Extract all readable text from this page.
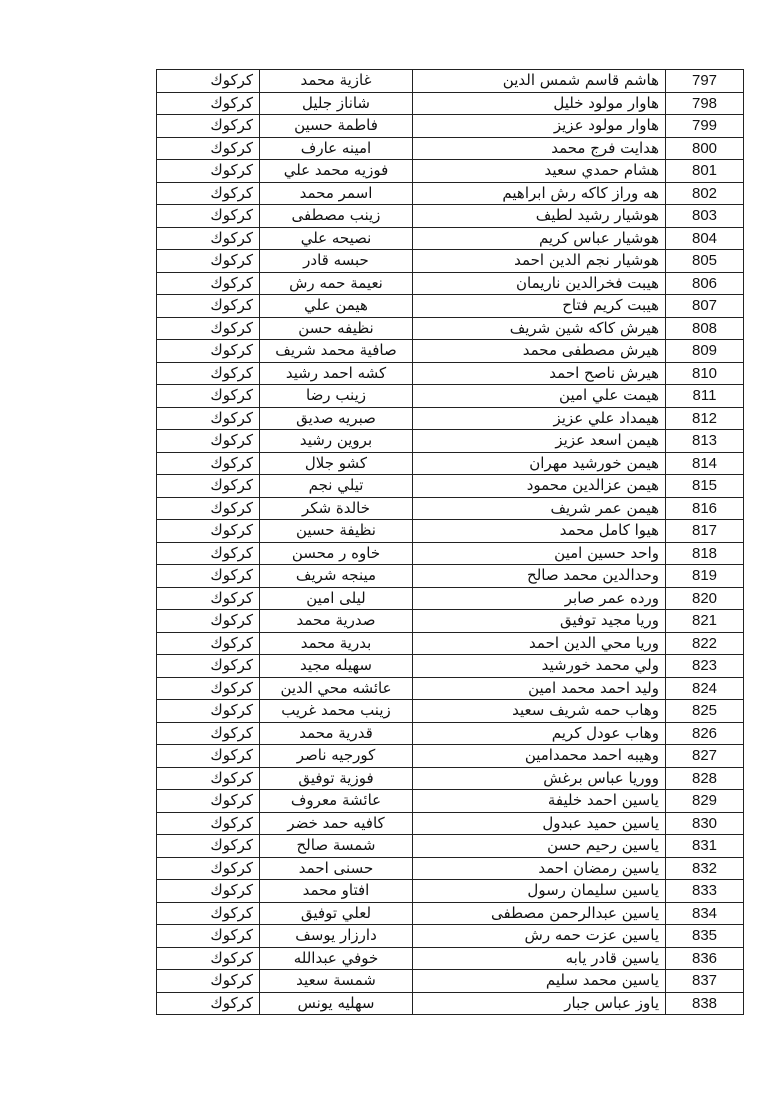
كركوك	غازية محمد	هاشم قاسم شمس الدين	797
كركوك	شاناز جليل	هاوار مولود خليل	798
كركوك	فاطمة حسين	هاوار مولود عزيز	799
كركوك	امينه عارف	هدايت فرج محمد	800
كركوك	فوزيه محمد علي	هشام حمدي سعيد	801
كركوك	اسمر محمد	هه وراز كاكه رش ابراهيم	802
كركوك	زينب مصطفى	هوشيار رشيد لطيف	803
كركوك	نصيحه علي	هوشيار عباس كريم	804
كركوك	حبسه قادر	هوشيار نجم الدين احمد	805
كركوك	نعيمة حمه رش	هيبت فخرالدين ناريمان	806
كركوك	هيمن علي	هيبت كريم فتاح	807
كركوك	نظيفه حسن	هيرش كاكه شين شريف	808
كركوك	صافية محمد شريف	هيرش مصطفى محمد	809
كركوك	كشه احمد رشيد	هيرش ناصح احمد	810
كركوك	زينب رضا	هيمت علي امين	811
كركوك	صبريه صديق	هيمداد علي عزيز	812
كركوك	بروين رشيد	هيمن اسعد عزيز	813
كركوك	كشو جلال	هيمن خورشيد مهران	814
كركوك	تيلي نجم	هيمن عزالدين محمود	815
كركوك	خالدة شكر	هيمن عمر شريف	816
كركوك	نظيفة حسين	هيوا كامل محمد	817
كركوك	خاوه ر محسن	واحد حسين امين	818
كركوك	مينجه شريف	وحدالدين محمد صالح	819
كركوك	ليلى امين	ورده عمر صابر	820
كركوك	صدرية محمد	وريا مجيد توفيق	821
كركوك	بدرية محمد	وريا محي الدين احمد	822
كركوك	سهيله مجيد	ولي محمد خورشيد	823
كركوك	عائشه محي الدين	وليد احمد محمد امين	824
كركوك	زينب محمد غريب	وهاب حمه شريف سعيد	825
كركوك	قدرية محمد	وهاب عودل كريم	826
كركوك	كورجيه ناصر	وهيبه احمد محمدامين	827
كركوك	فوزية توفيق	ووريا عباس برغش	828
كركوك	عائشة معروف	ياسين احمد خليفة	829
كركوك	كافيه حمد خضر	ياسين حميد عبدول	830
كركوك	شمسة صالح	ياسين رحيم حسن	831
كركوك	حسنى احمد	ياسين رمضان احمد	832
كركوك	افتاو محمد	ياسين سليمان رسول	833
كركوك	لعلي توفيق	ياسين عبدالرحمن مصطفى	834
كركوك	دارزار يوسف	ياسين عزت حمه رش	835
كركوك	خوفي عبدالله	ياسين قادر يابه	836
كركوك	شمسة سعيد	ياسين محمد سليم	837
كركوك	سهليه يونس	ياوز عباس جبار	838
